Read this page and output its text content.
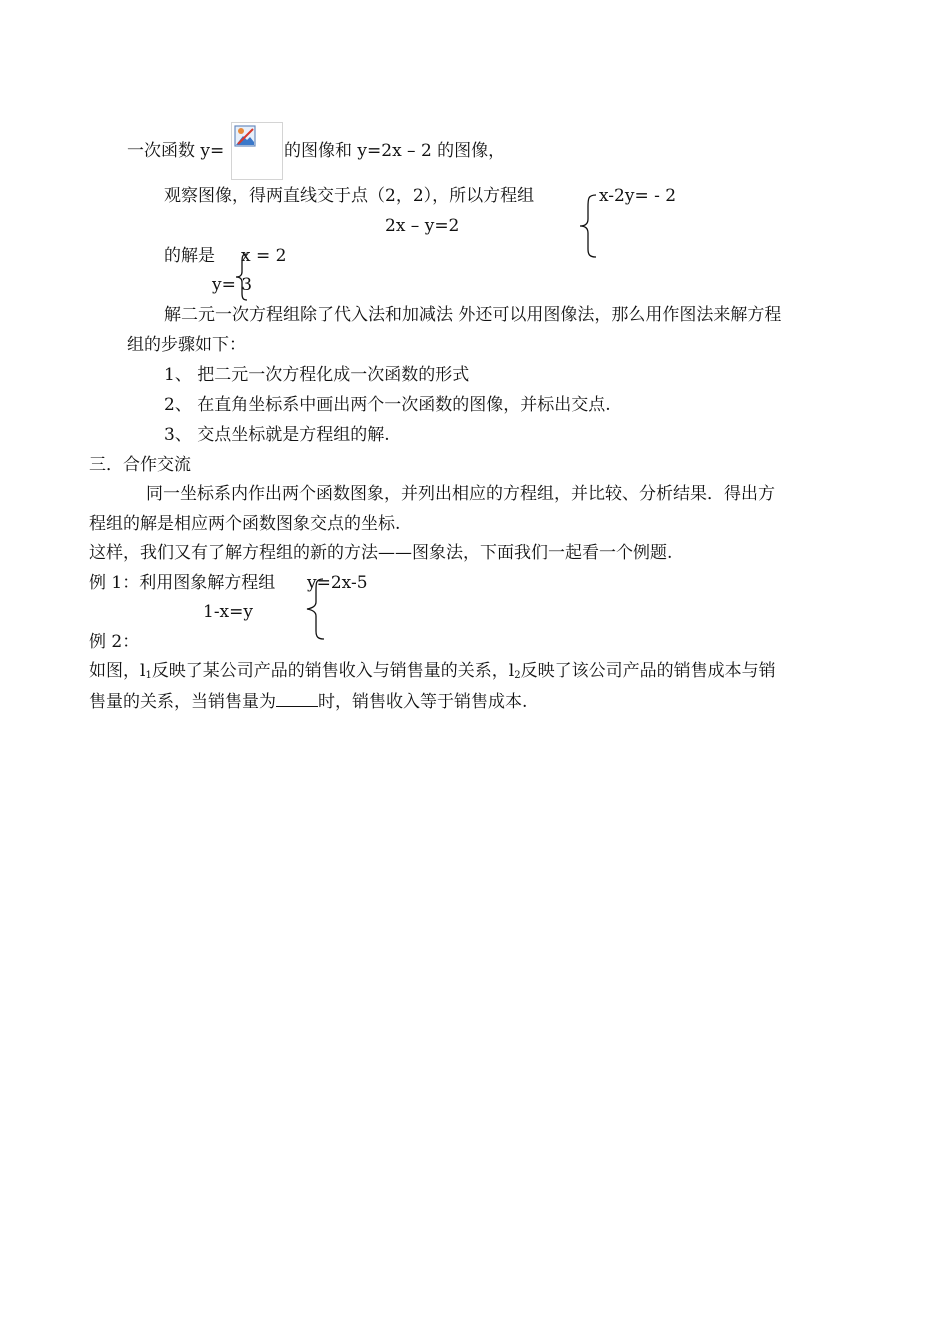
一次函数 y=	的图像和 y=2x – 2 的图像，
观察图像，得两直线交于点（2，2），所以方程组	x-2y= - 2
2x – y=2
的解是 x = 2
y= 3
解二元一次方程组除了代入法和加减法 外还可以用图像法，那么用作图法来解方程
组的步骤如下：
1、 把二元一次方程化成一次函数的形式
2、 在直角坐标系中画出两个一次函数的图像，并标出交点.
3、 交点坐标就是方程组的解.
三．合作交流
同一坐标系内作出两个函数图象，并列出相应的方程组，并比较、分析结果．得出方
程组的解是相应两个函数图象交点的坐标.
这样，我们又有了解方程组的新的方法——图象法，下面我们一起看一个例题.
例 1：利用图象解方程组 y=2x-5
1-x=y
例 2：
如图，$l_1$反映了某公司产品的销售收入与销售量的关系，$l_2$反映了该公司产品的销售成本与销
售量的关系，当销售量为 时，销售收入等于销售成本.
